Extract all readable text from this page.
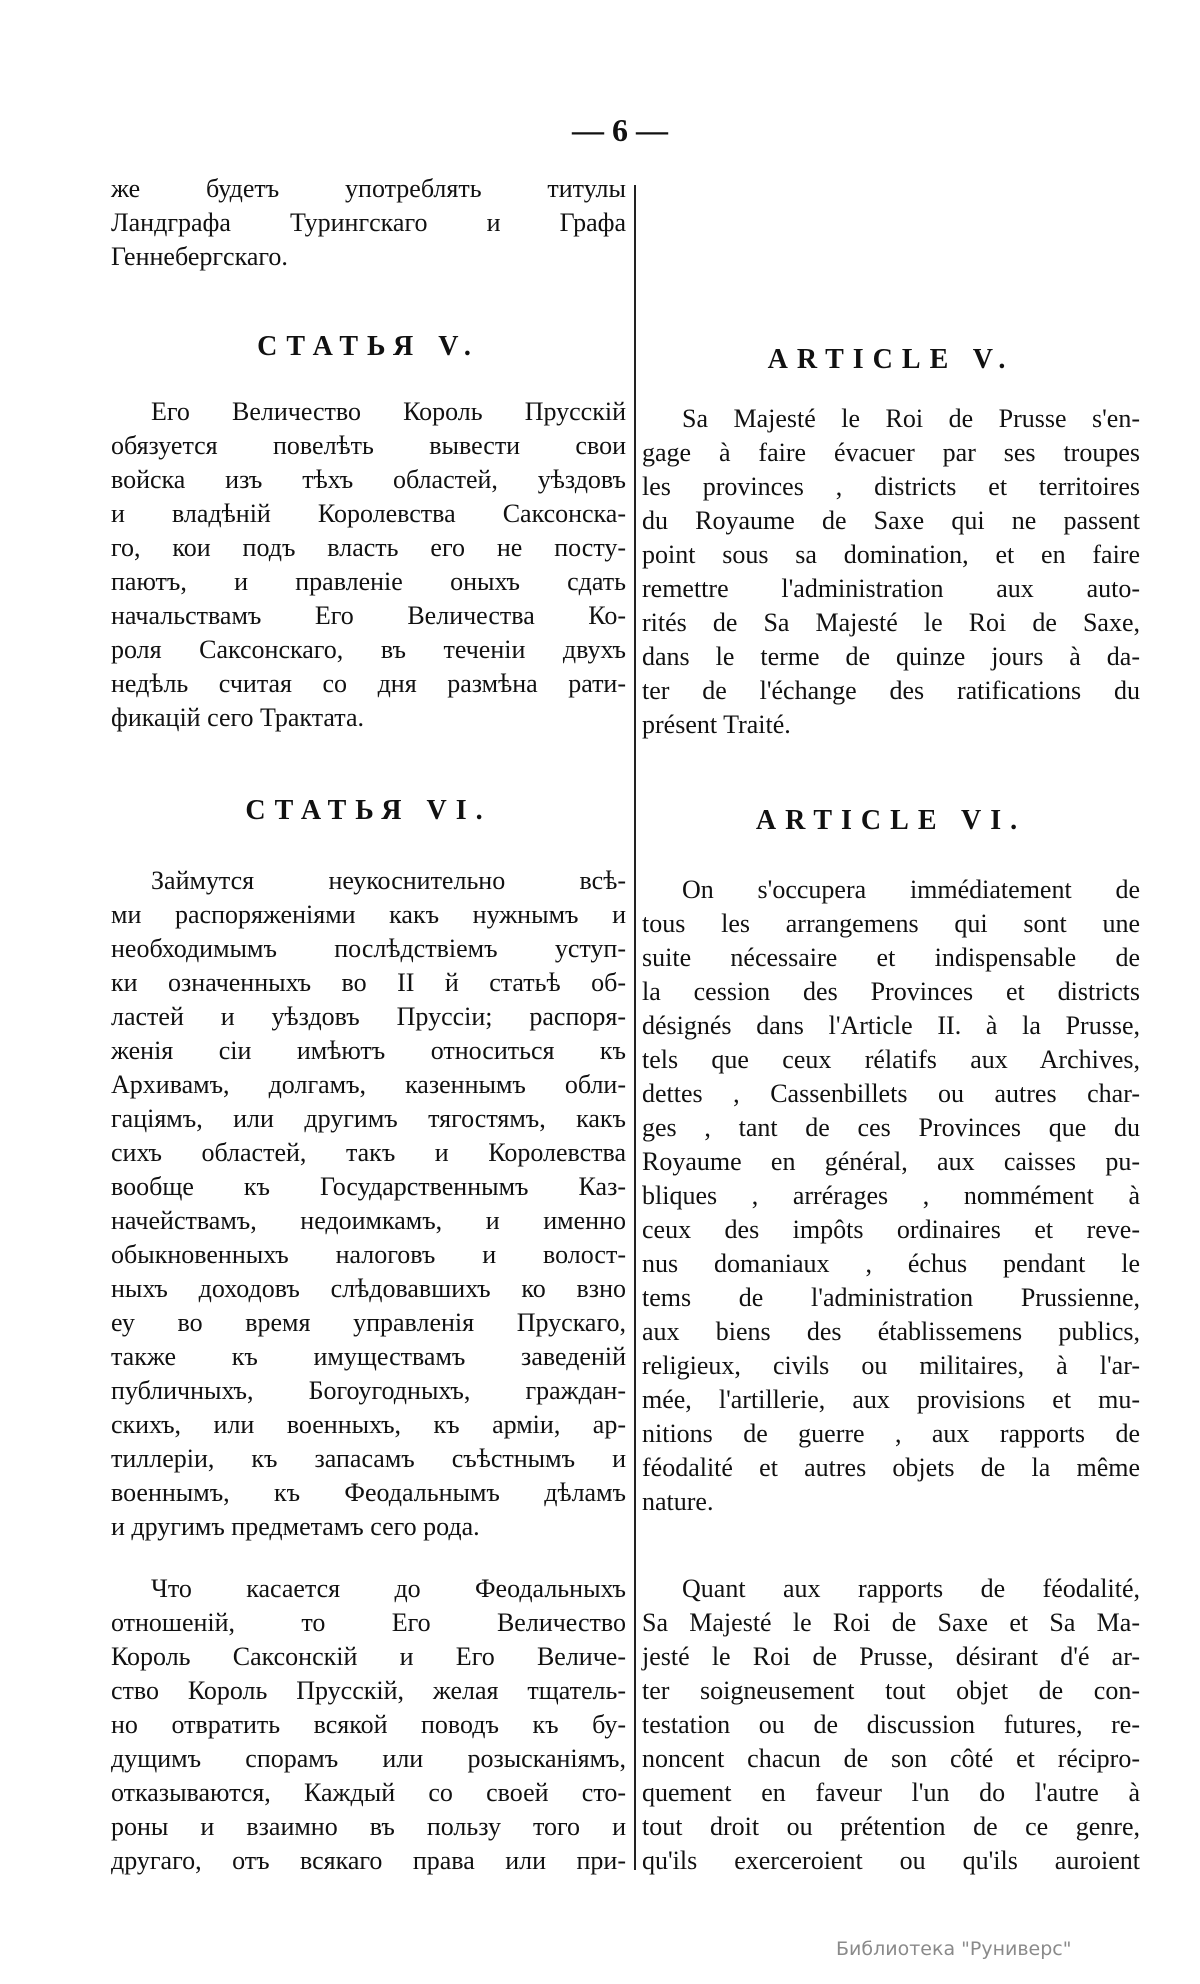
— 6 —
же будетъ употреблять титулы
Ландграфа Турингскаго и Графа
Геннебергскаго.
СТАТЬЯ V.
Его Величество Король Прусскій
обязуется повелѣть вывести свои
войска изъ тѣхъ областей, уѣздовъ
и владѣній Королевства Саксонска-
го, кои подъ власть его не посту-
паютъ, и правленіе оныхъ сдать
начальствамъ Его Величества Ко-
роля Саксонскаго, въ теченіи двухъ
недѣль считая со дня размѣна рати-
фикацій сего Трактата.
СТАТЬЯ VI.
Займутся неукоснительно всѣ-
ми распоряженіями какъ нужнымъ и
необходимымъ послѣдствіемъ уступ-
ки означенныхъ во II й статьѣ об-
ластей и уѣздовъ Пруссіи; распоря-
женія сіи имѣютъ относиться къ
Архивамъ, долгамъ, казеннымъ обли-
гаціямъ, или другимъ тягостямъ, какъ
сихъ областей, такъ и Королевства
вообще къ Государственнымъ Каз-
начействамъ, недоимкамъ, и именно
обыкновенныхъ налоговъ и волост-
ныхъ доходовъ слѣдовавшихъ ко взно
еу во время управленія Прускаго,
также къ имуществамъ заведеній
публичныхъ, Богоугодныхъ, граждан-
скихъ, или военныхъ, къ арміи, ар-
тиллеріи, къ запасамъ съѣстнымъ и
военнымъ, къ Феодальнымъ дѣламъ
и другимъ предметамъ сего рода.
Что касается до Феодальныхъ
отношеній, то Его Величество
Король Саксонскій и Его Величе-
ство Король Прусскій, желая тщатель-
но отвратить всякой поводъ къ бу-
дущимъ спорамъ или розысканіямъ,
отказываются, Каждый со своей сто-
роны и взаимно въ пользу того и
другаго, отъ всякаго права или при-
ARTICLE V.
Sa Majesté le Roi de Prusse s'en-
gage à faire évacuer par ses troupes
les provinces , districts et territoires
du Royaume de Saxe qui ne passent
point sous sa domination, et en faire
remettre l'administration aux auto-
rités de Sa Majesté le Roi de Saxe,
dans le terme de quinze jours à da-
ter de l'échange des ratifications du
présent Traité.
ARTICLE VI.
On s'occupera immédiatement de
tous les arrangemens qui sont une
suite nécessaire et indispensable de
la cession des Provinces et districts
désignés dans l'Article II. à la Prusse,
tels que ceux rélatifs aux Archives,
dettes , Cassenbillets ou autres char-
ges , tant de ces Provinces que du
Royaume en général, aux caisses pu-
bliques , arrérages , nommément à
ceux des impôts ordinaires et reve-
nus domaniaux , échus pendant le
tems de l'administration Prussienne,
aux biens des établissemens publics,
religieux, civils ou militaires, à l'ar-
mée, l'artillerie, aux provisions et mu-
nitions de guerre , aux rapports de
féodalité et autres objets de la même
nature.
Quant aux rapports de féodalité,
Sa Majesté le Roi de Saxe et Sa Ma-
jesté le Roi de Prusse, désirant d'é ar-
ter soigneusement tout objet de con-
testation ou de discussion futures, re-
noncent chacun de son côté et récipro-
quement en faveur l'un do l'autre à
tout droit ou prétention de ce genre,
qu'ils exerceroient ou qu'ils auroient
Библиотека "Руниверс"
